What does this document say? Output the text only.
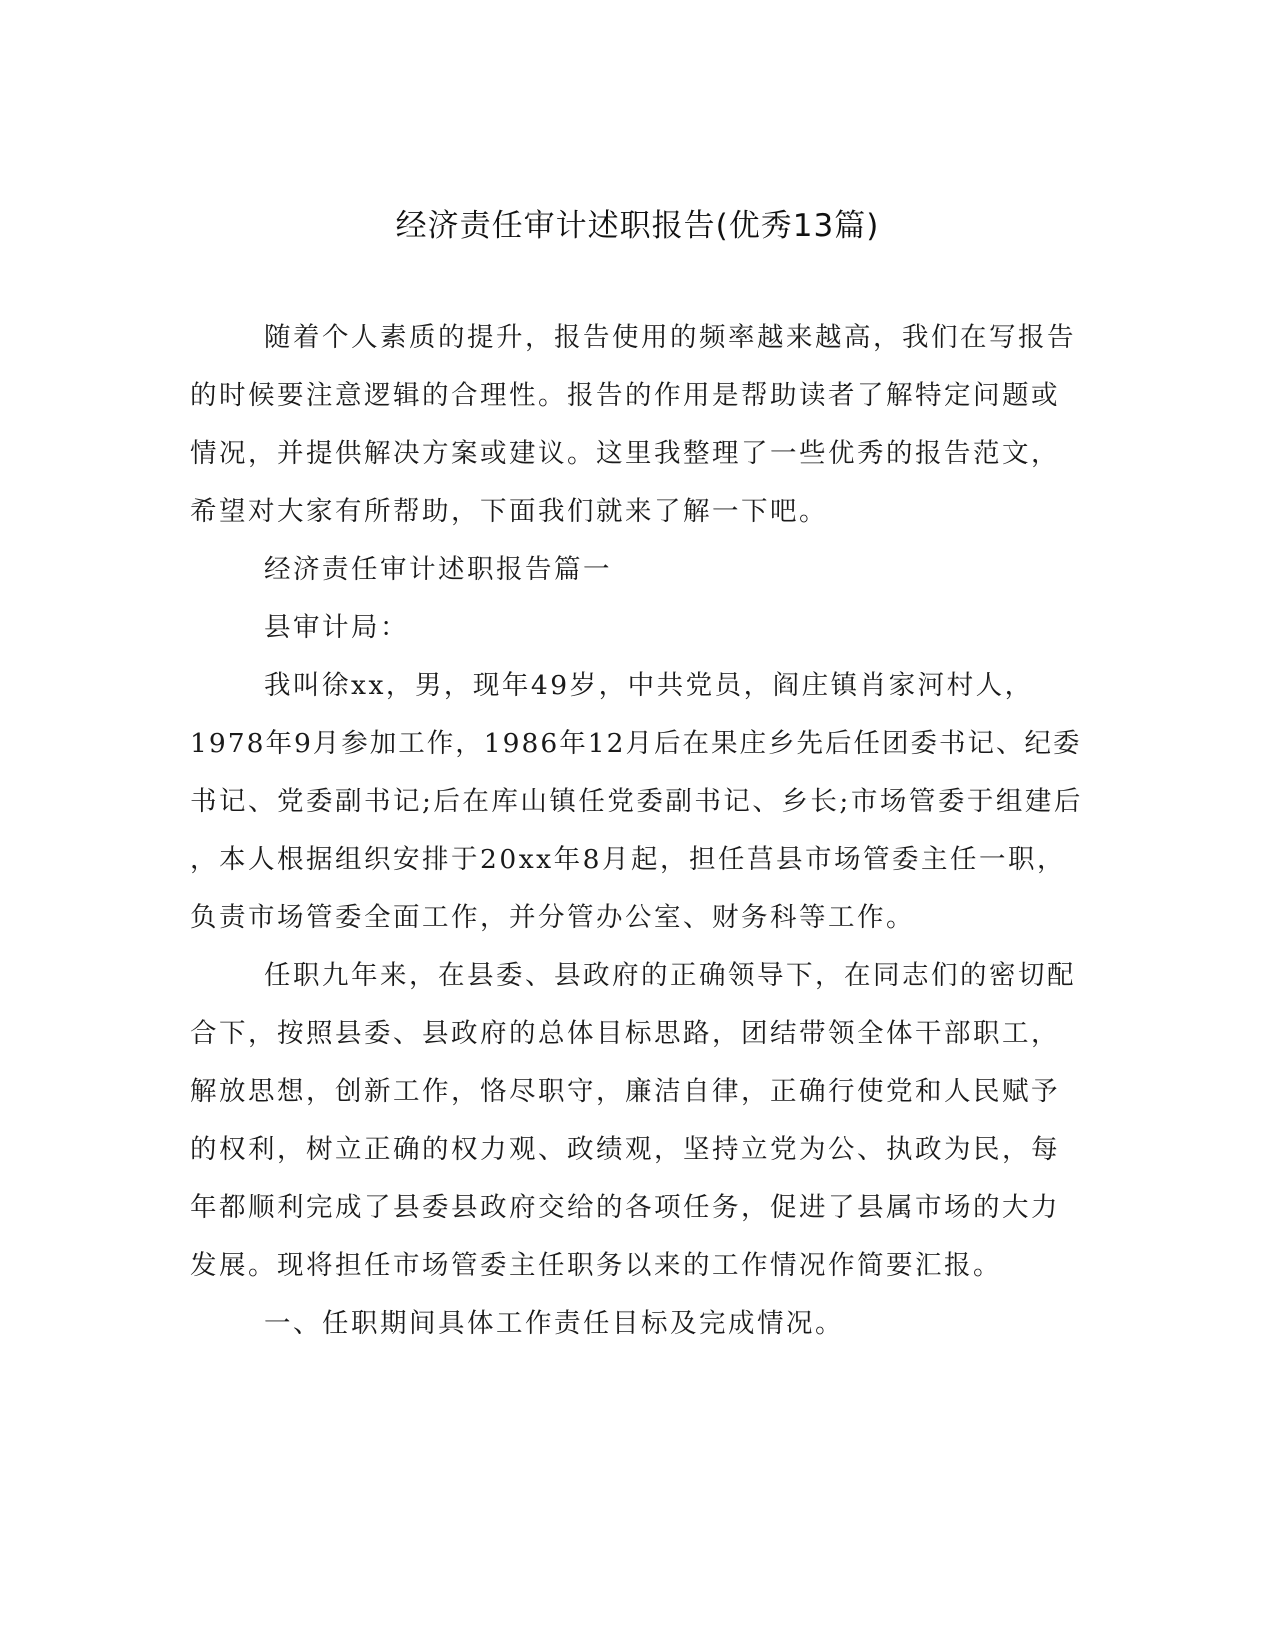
经济责任审计述职报告(优秀13篇)
随着个人素质的提升，报告使用的频率越来越高，我们在写报告
的时候要注意逻辑的合理性。报告的作用是帮助读者了解特定问题或
情况，并提供解决方案或建议。这里我整理了一些优秀的报告范文，
希望对大家有所帮助，下面我们就来了解一下吧。
经济责任审计述职报告篇一
县审计局：
我叫徐xx，男，现年49岁，中共党员，阎庄镇肖家河村人，
1978年9月参加工作，1986年12月后在果庄乡先后任团委书记、纪委
书记、党委副书记;后在库山镇任党委副书记、乡长;市场管委于组建后
，本人根据组织安排于20xx年8月起，担任莒县市场管委主任一职，
负责市场管委全面工作，并分管办公室、财务科等工作。
任职九年来，在县委、县政府的正确领导下，在同志们的密切配
合下，按照县委、县政府的总体目标思路，团结带领全体干部职工，
解放思想，创新工作，恪尽职守，廉洁自律，正确行使党和人民赋予
的权利，树立正确的权力观、政绩观，坚持立党为公、执政为民，每
年都顺利完成了县委县政府交给的各项任务，促进了县属市场的大力
发展。现将担任市场管委主任职务以来的工作情况作简要汇报。
一、任职期间具体工作责任目标及完成情况。
